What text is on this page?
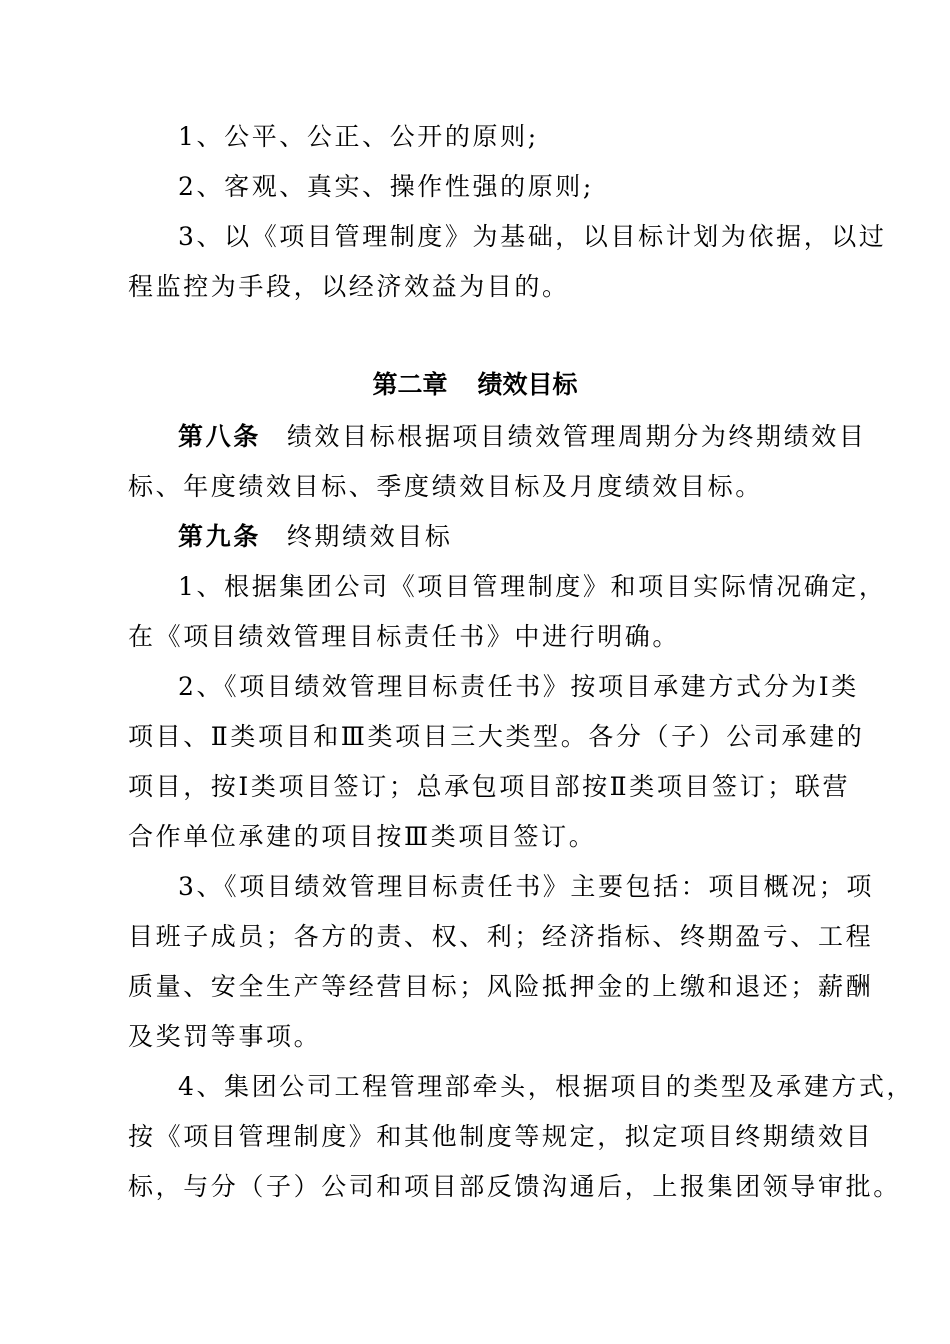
1、公平、公正、公开的原则;
2、客观、真实、操作性强的原则;
3、以《项目管理制度》为基础，以目标计划为依据，以过
程监控为手段，以经济效益为目的。
第二章 绩效目标
第八条 绩效目标根据项目绩效管理周期分为终期绩效目
标、年度绩效目标、季度绩效目标及月度绩效目标。
第九条 终期绩效目标
1、根据集团公司《项目管理制度》和项目实际情况确定，
在《项目绩效管理目标责任书》中进行明确。
2、《项目绩效管理目标责任书》按项目承建方式分为Ⅰ类
项目、Ⅱ类项目和Ⅲ类项目三大类型。各分（子）公司承建的
项目，按Ⅰ类项目签订；总承包项目部按Ⅱ类项目签订；联营
合作单位承建的项目按Ⅲ类项目签订。
3、《项目绩效管理目标责任书》主要包括：项目概况；项
目班子成员；各方的责、权、利；经济指标、终期盈亏、工程
质量、安全生产等经营目标；风险抵押金的上缴和退还；薪酬
及奖罚等事项。
4、集团公司工程管理部牵头，根据项目的类型及承建方式，
按《项目管理制度》和其他制度等规定，拟定项目终期绩效目
标，与分（子）公司和项目部反馈沟通后，上报集团领导审批。
